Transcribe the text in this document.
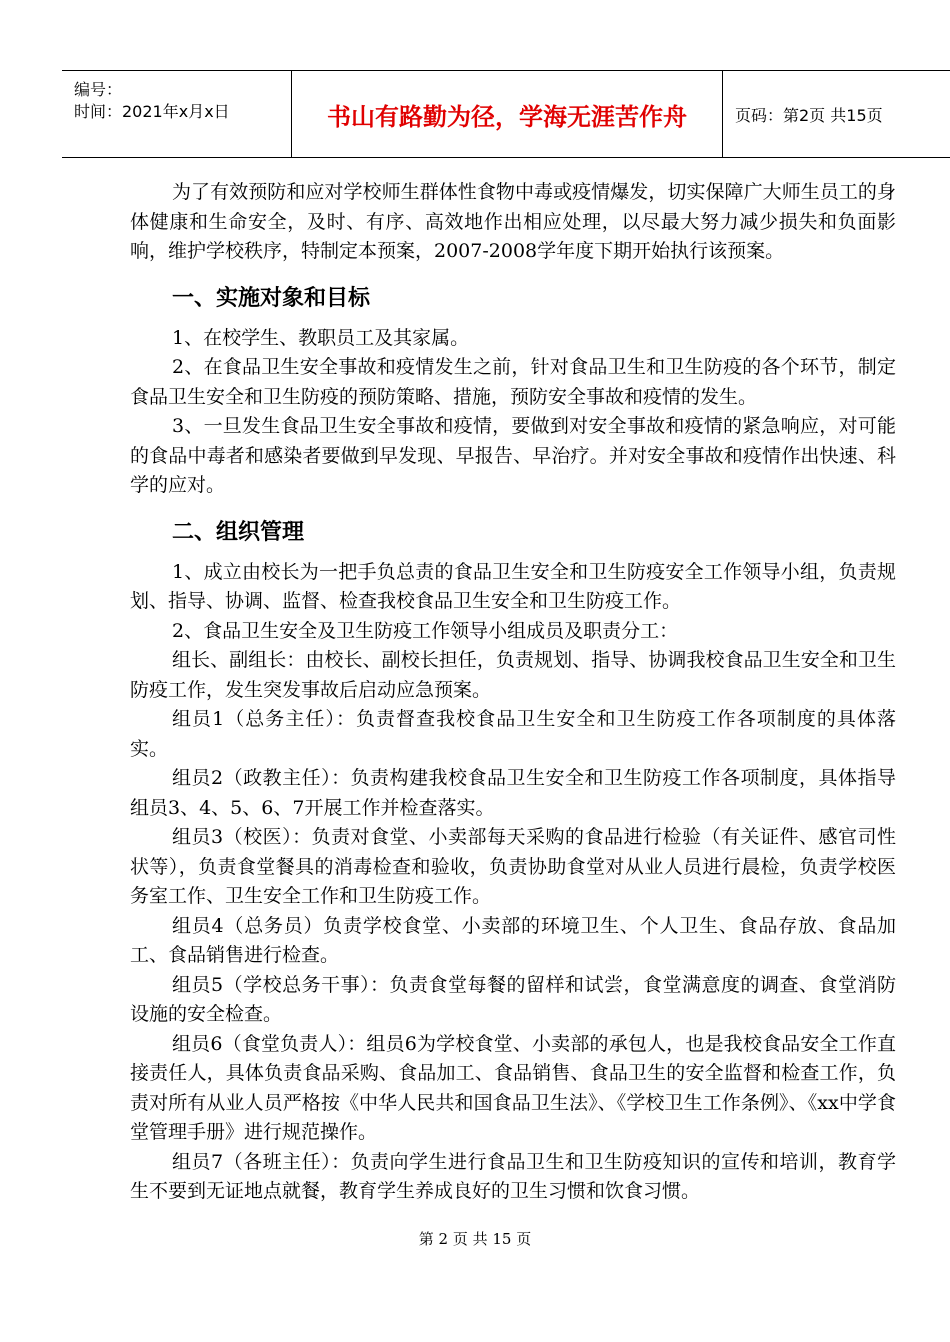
编号：
时间：2021年x月x日	书山有路勤为径，学海无涯苦作舟	页码：第2页 共15页

为了有效预防和应对学校师生群体性食物中毒或疫情爆发，切实保障广大师生员工的身体健康和生命安全，及时、有序、高效地作出相应处理，以尽最大努力减少损失和负面影响，维护学校秩序，特制定本预案，2007-2008学年度下期开始执行该预案。

一、实施对象和目标

1、在校学生、教职员工及其家属。

2、在食品卫生安全事故和疫情发生之前，针对食品卫生和卫生防疫的各个环节，制定食品卫生安全和卫生防疫的预防策略、措施，预防安全事故和疫情的发生。

3、一旦发生食品卫生安全事故和疫情，要做到对安全事故和疫情的紧急响应，对可能的食品中毒者和感染者要做到早发现、早报告、早治疗。并对安全事故和疫情作出快速、科学的应对。

二、组织管理

1、成立由校长为一把手负总责的食品卫生安全和卫生防疫安全工作领导小组，负责规划、指导、协调、监督、检查我校食品卫生安全和卫生防疫工作。

2、食品卫生安全及卫生防疫工作领导小组成员及职责分工：

组长、副组长：由校长、副校长担任，负责规划、指导、协调我校食品卫生安全和卫生防疫工作，发生突发事故后启动应急预案。

组员1（总务主任）：负责督查我校食品卫生安全和卫生防疫工作各项制度的具体落实。

组员2（政教主任）：负责构建我校食品卫生安全和卫生防疫工作各项制度，具体指导组员3、4、5、6、7开展工作并检查落实。

组员3（校医）：负责对食堂、小卖部每天采购的食品进行检验（有关证件、感官司性状等），负责食堂餐具的消毒检查和验收，负责协助食堂对从业人员进行晨检，负责学校医务室工作、卫生安全工作和卫生防疫工作。

组员4（总务员）负责学校食堂、小卖部的环境卫生、个人卫生、食品存放、食品加工、食品销售进行检查。

组员5（学校总务干事）：负责食堂每餐的留样和试尝，食堂满意度的调查、食堂消防设施的安全检查。

组员6（食堂负责人）：组员6为学校食堂、小卖部的承包人，也是我校食品安全工作直接责任人，具体负责食品采购、食品加工、食品销售、食品卫生的安全监督和检查工作，负责对所有从业人员严格按《中华人民共和国食品卫生法》、《学校卫生工作条例》、《xx中学食堂管理手册》进行规范操作。

组员7（各班主任）：负责向学生进行食品卫生和卫生防疫知识的宣传和培训，教育学生不要到无证地点就餐，教育学生养成良好的卫生习惯和饮食习惯。

第 2 页 共 15 页
